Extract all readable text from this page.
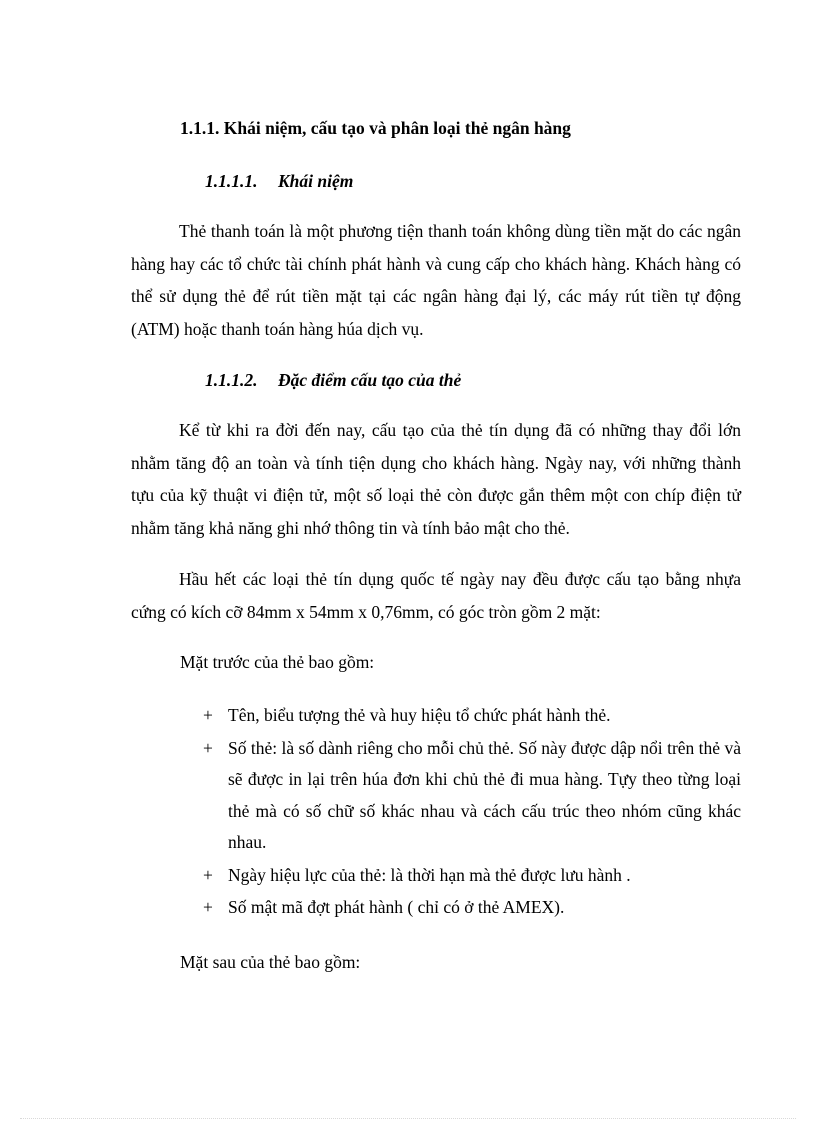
1.1.1. Khái niệm, cấu tạo và phân loại thẻ ngân hàng
1.1.1.1. Khái niệm
Thẻ thanh toán là một phương tiện thanh toán không dùng tiền mặt do các ngân hàng hay các tổ chức tài chính phát hành và cung cấp cho khách hàng. Khách hàng có thể sử dụng thẻ để rút tiền mặt tại các ngân hàng đại lý, các máy rút tiền tự động (ATM) hoặc thanh toán hàng húa dịch vụ.
1.1.1.2. Đặc điểm cấu tạo của thẻ
Kể từ khi ra đời đến nay, cấu tạo của thẻ tín dụng đã có những thay đổi lớn nhằm tăng độ an toàn và tính tiện dụng cho khách hàng. Ngày nay, với những thành tựu của kỹ thuật vi điện tử, một số loại thẻ còn được gắn thêm một con chíp điện tử nhằm tăng khả năng ghi nhớ thông tin và tính bảo mật cho thẻ.
Hầu hết các loại thẻ tín dụng quốc tế ngày nay đều được cấu tạo bằng nhựa cứng có kích cỡ 84mm x 54mm x 0,76mm, có góc tròn gồm 2 mặt:
Mặt trước của thẻ bao gồm:
+ Tên, biểu tượng thẻ và huy hiệu tổ chức phát hành thẻ.
+ Số thẻ: là số dành riêng cho mỗi chủ thẻ. Số này được dập nổi trên thẻ và sẽ được in lại trên húa đơn khi chủ thẻ đi mua hàng. Tựy theo từng loại thẻ mà có số chữ số khác nhau và cách cấu trúc theo nhóm cũng khác nhau.
+ Ngày hiệu lực của thẻ: là thời hạn mà thẻ được lưu hành .
+ Số mật mã đợt phát hành ( chỉ có ở thẻ AMEX).
Mặt sau của thẻ bao gồm:
